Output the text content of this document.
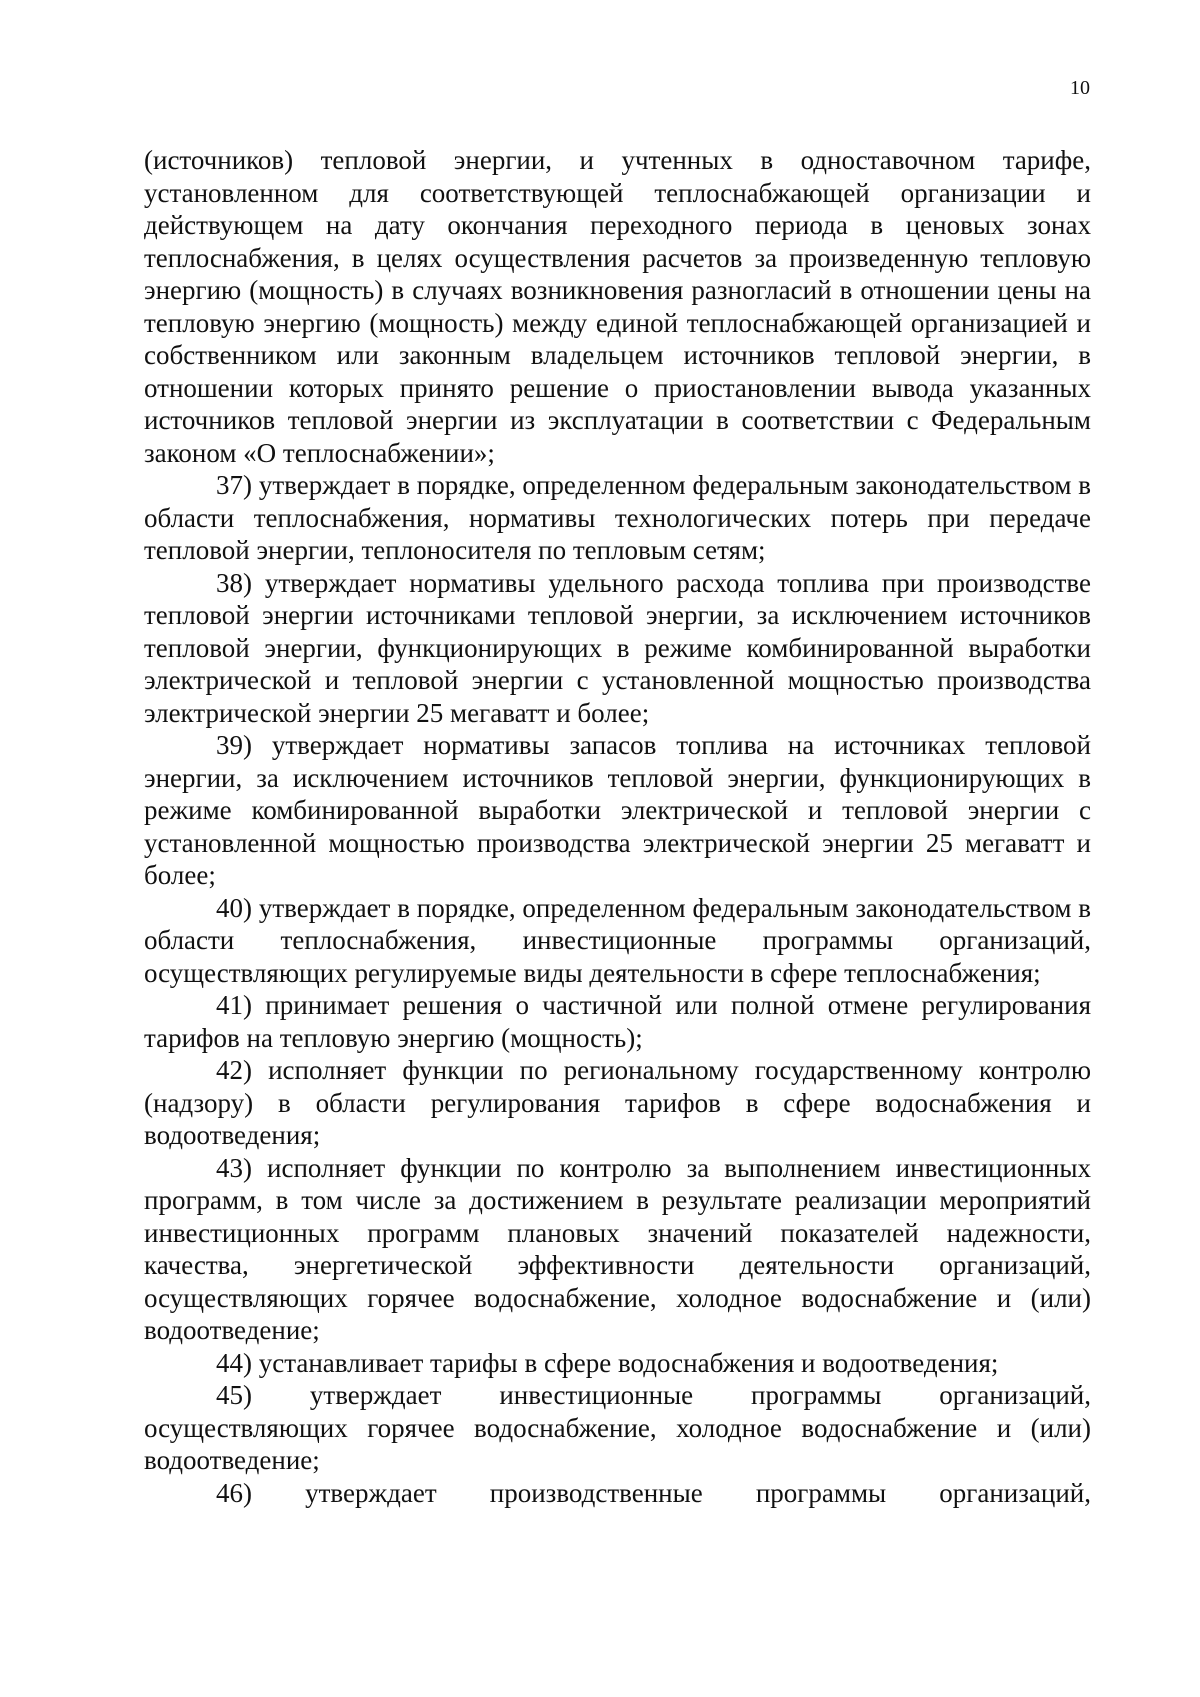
10

(источников) тепловой энергии, и учтенных в одноставочном тарифе, установленном для соответствующей теплоснабжающей организации и действующем на дату окончания переходного периода в ценовых зонах теплоснабжения, в целях осуществления расчетов за произведенную тепловую энергию (мощность) в случаях возникновения разногласий в отношении цены на тепловую энергию (мощность) между единой теплоснабжающей организацией и собственником или законным владельцем источников тепловой энергии, в отношении которых принято решение о приостановлении вывода указанных источников тепловой энергии из эксплуатации в соответствии с Федеральным законом «О теплоснабжении»;

37) утверждает в порядке, определенном федеральным законодательством в области теплоснабжения, нормативы технологических потерь при передаче тепловой энергии, теплоносителя по тепловым сетям;

38) утверждает нормативы удельного расхода топлива при производстве тепловой энергии источниками тепловой энергии, за исключением источников тепловой энергии, функционирующих в режиме комбинированной выработки электрической и тепловой энергии с установленной мощностью производства электрической энергии 25 мегаватт и более;

39) утверждает нормативы запасов топлива на источниках тепловой энергии, за исключением источников тепловой энергии, функционирующих в режиме комбинированной выработки электрической и тепловой энергии с установленной мощностью производства электрической энергии 25 мегаватт и более;

40) утверждает в порядке, определенном федеральным законодательством в области теплоснабжения, инвестиционные программы организаций, осуществляющих регулируемые виды деятельности в сфере теплоснабжения;

41) принимает решения о частичной или полной отмене регулирования тарифов на тепловую энергию (мощность);

42) исполняет функции по региональному государственному контролю (надзору) в области регулирования тарифов в сфере водоснабжения и водоотведения;

43) исполняет функции по контролю за выполнением инвестиционных программ, в том числе за достижением в результате реализации мероприятий инвестиционных программ плановых значений показателей надежности, качества, энергетической эффективности деятельности организаций, осуществляющих горячее водоснабжение, холодное водоснабжение и (или) водоотведение;

44) устанавливает тарифы в сфере водоснабжения и водоотведения;

45) утверждает инвестиционные программы организаций, осуществляющих горячее водоснабжение, холодное водоснабжение и (или) водоотведение;

46) утверждает производственные программы организаций,
